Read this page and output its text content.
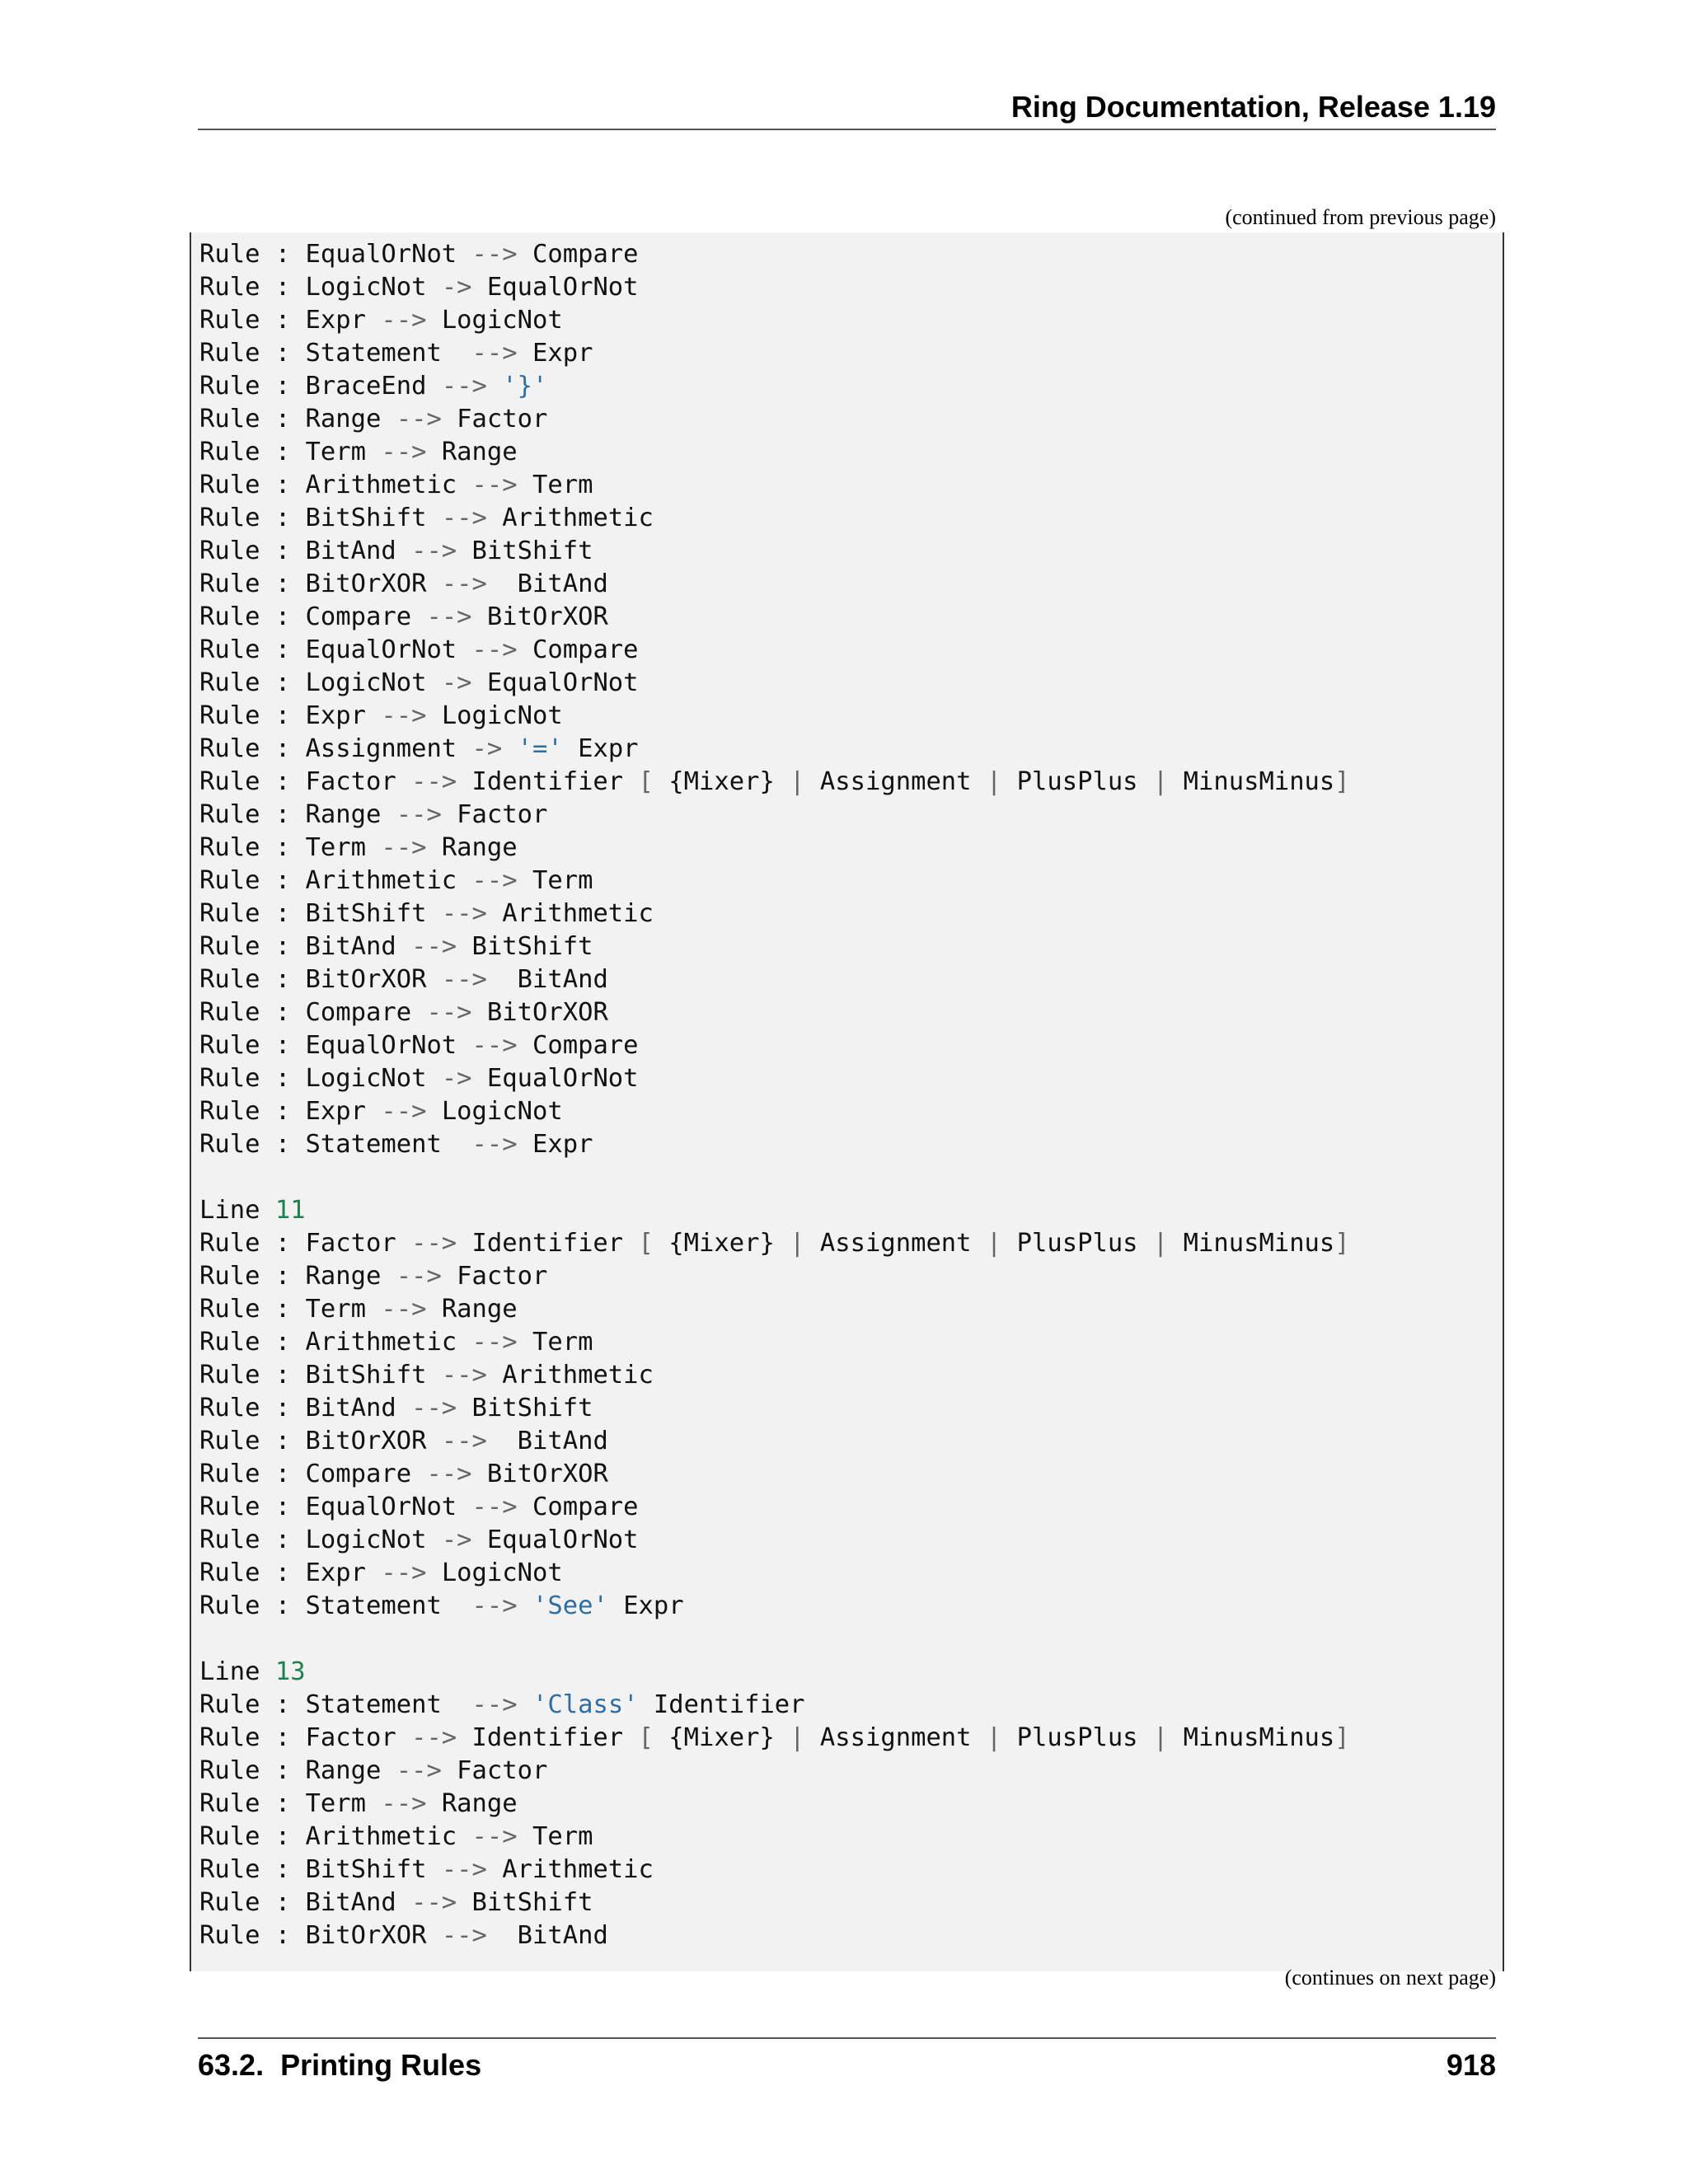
Ring Documentation, Release 1.19
(continued from previous page)
Rule : EqualOrNot --> Compare
Rule : LogicNot -> EqualOrNot
Rule : Expr --> LogicNot
Rule : Statement  --> Expr
Rule : BraceEnd --> '}'
Rule : Range --> Factor
Rule : Term --> Range
Rule : Arithmetic --> Term
Rule : BitShift --> Arithmetic
Rule : BitAnd --> BitShift
Rule : BitOrXOR -->  BitAnd
Rule : Compare --> BitOrXOR
Rule : EqualOrNot --> Compare
Rule : LogicNot -> EqualOrNot
Rule : Expr --> LogicNot
Rule : Assignment -> '=' Expr
Rule : Factor --> Identifier [ {Mixer} | Assignment | PlusPlus | MinusMinus]
Rule : Range --> Factor
Rule : Term --> Range
Rule : Arithmetic --> Term
Rule : BitShift --> Arithmetic
Rule : BitAnd --> BitShift
Rule : BitOrXOR -->  BitAnd
Rule : Compare --> BitOrXOR
Rule : EqualOrNot --> Compare
Rule : LogicNot -> EqualOrNot
Rule : Expr --> LogicNot
Rule : Statement  --> Expr

Line 11
Rule : Factor --> Identifier [ {Mixer} | Assignment | PlusPlus | MinusMinus]
Rule : Range --> Factor
Rule : Term --> Range
Rule : Arithmetic --> Term
Rule : BitShift --> Arithmetic
Rule : BitAnd --> BitShift
Rule : BitOrXOR -->  BitAnd
Rule : Compare --> BitOrXOR
Rule : EqualOrNot --> Compare
Rule : LogicNot -> EqualOrNot
Rule : Expr --> LogicNot
Rule : Statement  --> 'See' Expr

Line 13
Rule : Statement  --> 'Class' Identifier
Rule : Factor --> Identifier [ {Mixer} | Assignment | PlusPlus | MinusMinus]
Rule : Range --> Factor
Rule : Term --> Range
Rule : Arithmetic --> Term
Rule : BitShift --> Arithmetic
Rule : BitAnd --> BitShift
Rule : BitOrXOR -->  BitAnd
(continues on next page)
63.2.  Printing Rules	918
